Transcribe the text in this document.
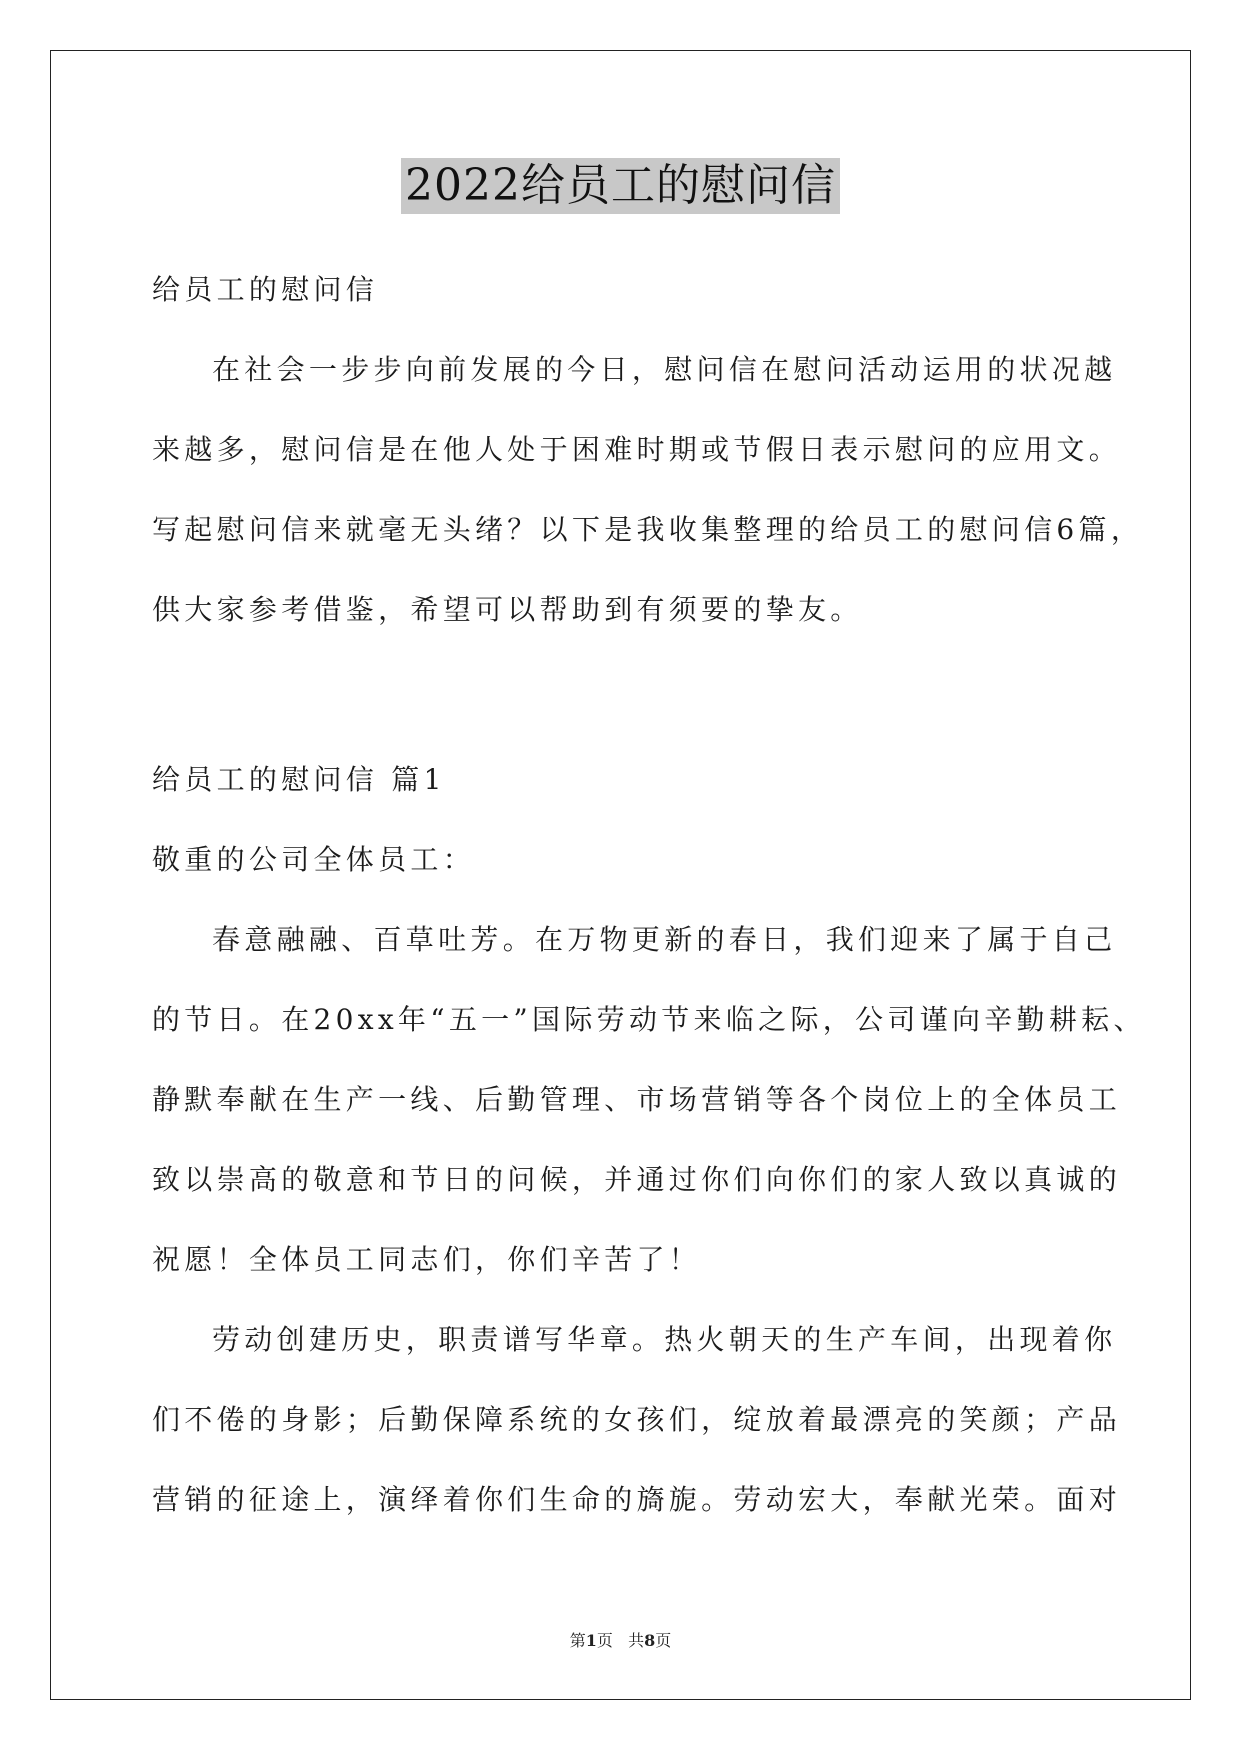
2022给员工的慰问信
给员工的慰问信
在社会一步步向前发展的今日，慰问信在慰问活动运用的状况越
来越多，慰问信是在他人处于困难时期或节假日表示慰问的应用文。
写起慰问信来就毫无头绪？以下是我收集整理的给员工的慰问信6篇，
供大家参考借鉴，希望可以帮助到有须要的挚友。
给员工的慰问信 篇1
敬重的公司全体员工：
春意融融、百草吐芳。在万物更新的春日，我们迎来了属于自己
的节日。在20xx年“五一”国际劳动节来临之际，公司谨向辛勤耕耘、
静默奉献在生产一线、后勤管理、市场营销等各个岗位上的全体员工
致以崇高的敬意和节日的问候，并通过你们向你们的家人致以真诚的
祝愿！全体员工同志们，你们辛苦了！
劳动创建历史，职责谱写华章。热火朝天的生产车间，出现着你
们不倦的身影；后勤保障系统的女孩们，绽放着最漂亮的笑颜；产品
营销的征途上，演绎着你们生命的旖旎。劳动宏大，奉献光荣。面对
第1页 共8页
